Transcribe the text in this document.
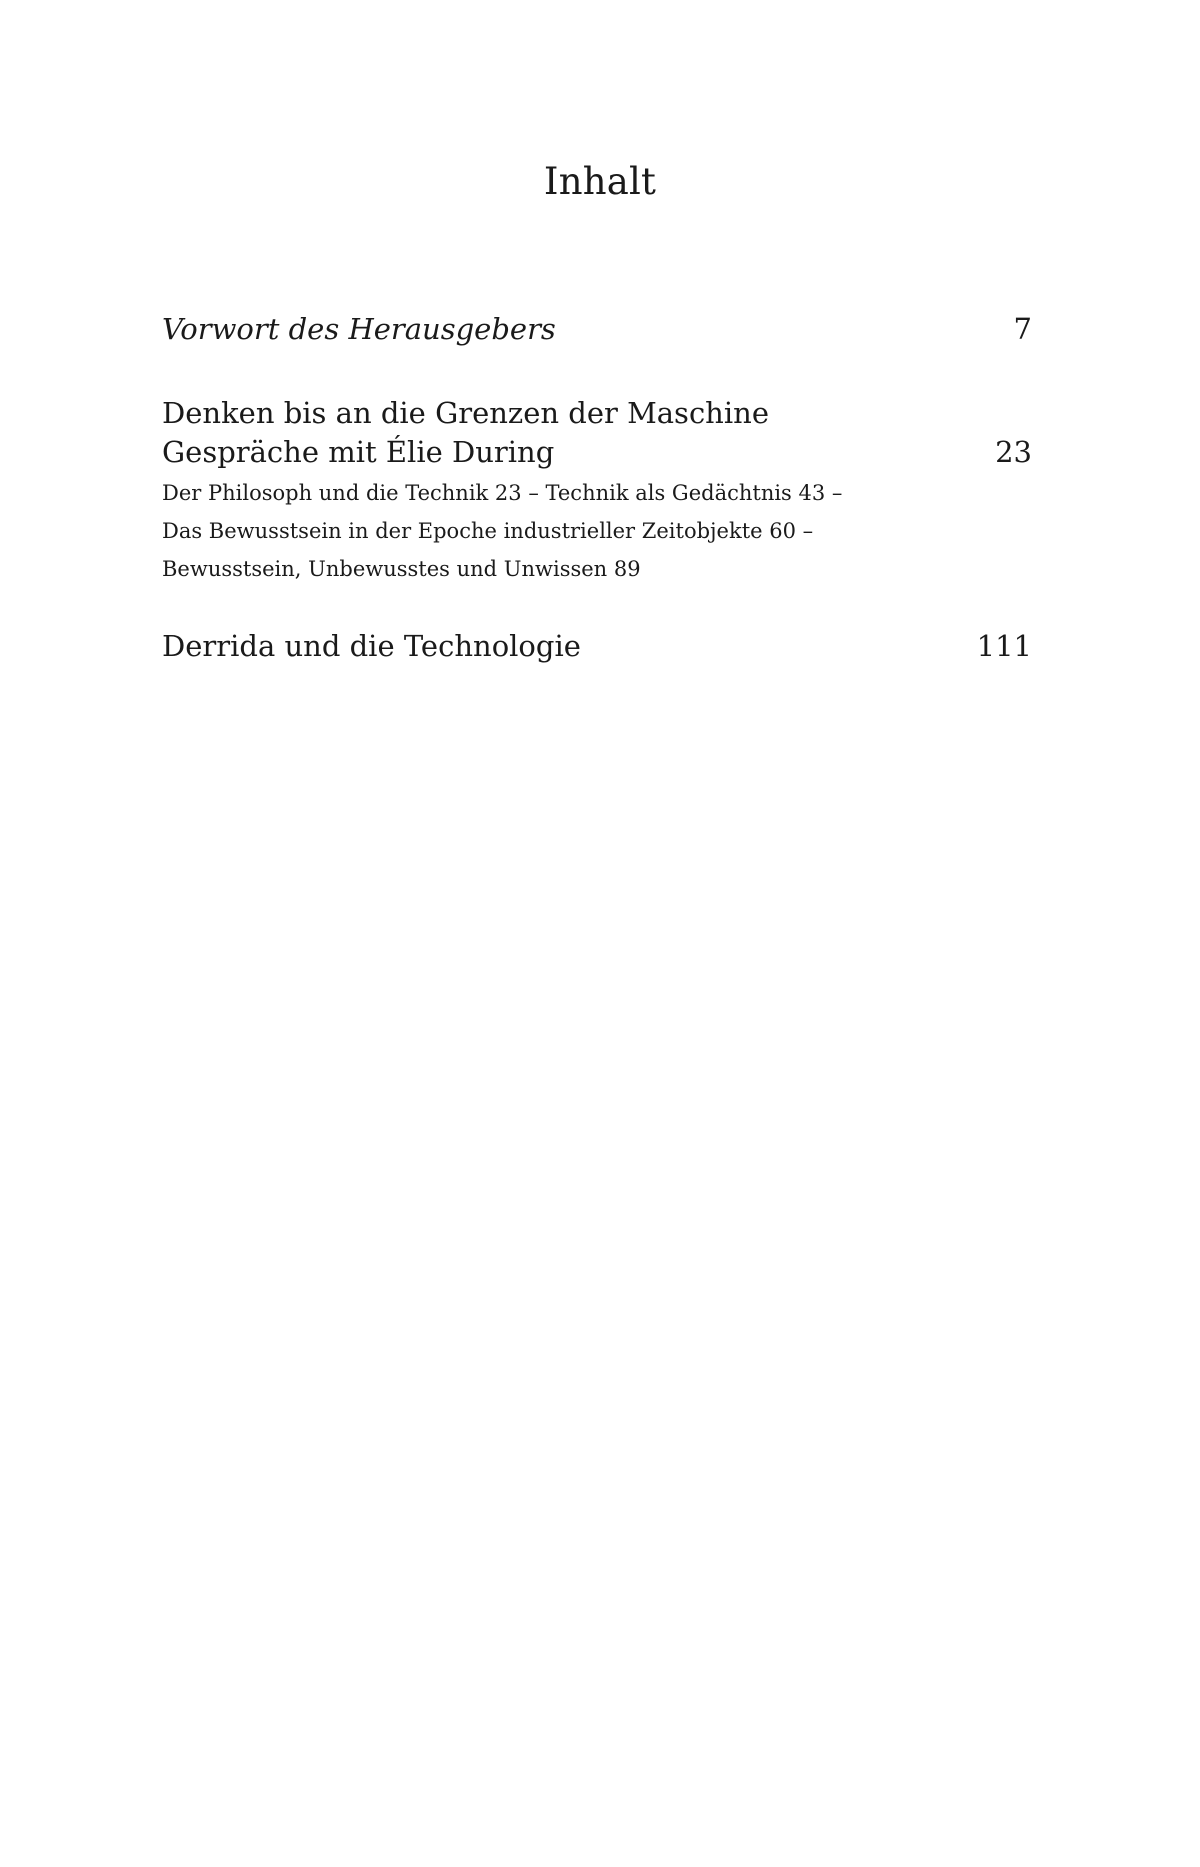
Inhalt
Vorwort des Herausgebers	7
Denken bis an die Grenzen der Maschine
Gespräche mit Élie During	23
Der Philosoph und die Technik 23 – Technik als Gedächtnis 43 –
Das Bewusstsein in der Epoche industrieller Zeitobjekte 60 –
Bewusstsein, Unbewusstes und Unwissen 89
Derrida und die Technologie	111
